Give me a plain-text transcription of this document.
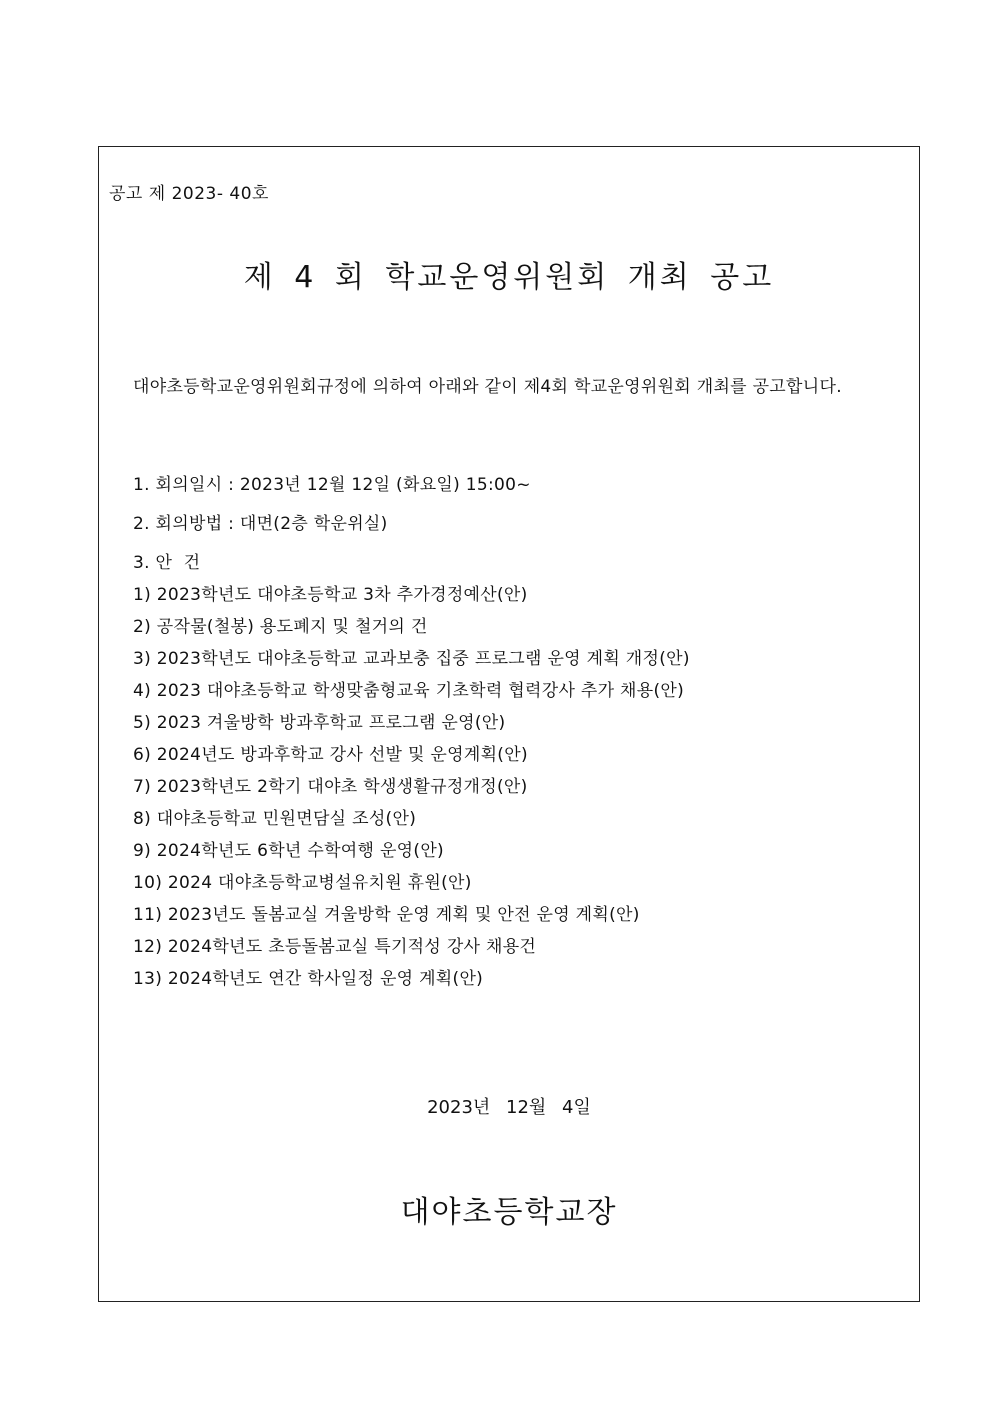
공고 제 2023- 40호
제 4 회 학교운영위원회 개최 공고
대야초등학교운영위원회규정에 의하여 아래와 같이 제4회 학교운영위원회 개최를 공고합니다.
1. 회의일시 : 2023년 12월 12일 (화요일) 15:00~
2. 회의방법 : 대면(2층 학운위실)
3. 안  건
1) 2023학년도 대야초등학교 3차 추가경정예산(안)
2) 공작물(철봉) 용도폐지 및 철거의 건
3) 2023학년도 대야초등학교 교과보충 집중 프로그램 운영 계획 개정(안)
4) 2023 대야초등학교 학생맞춤형교육 기초학력 협력강사 추가 채용(안)
5) 2023 겨울방학 방과후학교 프로그램 운영(안)
6) 2024년도 방과후학교 강사 선발 및 운영계획(안)
7) 2023학년도 2학기 대야초 학생생활규정개정(안)
8) 대야초등학교 민원면담실 조성(안)
9) 2024학년도 6학년 수학여행 운영(안)
10) 2024 대야초등학교병설유치원 휴원(안)
11) 2023년도 돌봄교실 겨울방학 운영 계획 및 안전 운영 계획(안)
12) 2024학년도 초등돌봄교실 특기적성 강사 채용건
13) 2024학년도 연간 학사일정 운영 계획(안)
2023년 12월 4일
대야초등학교장
